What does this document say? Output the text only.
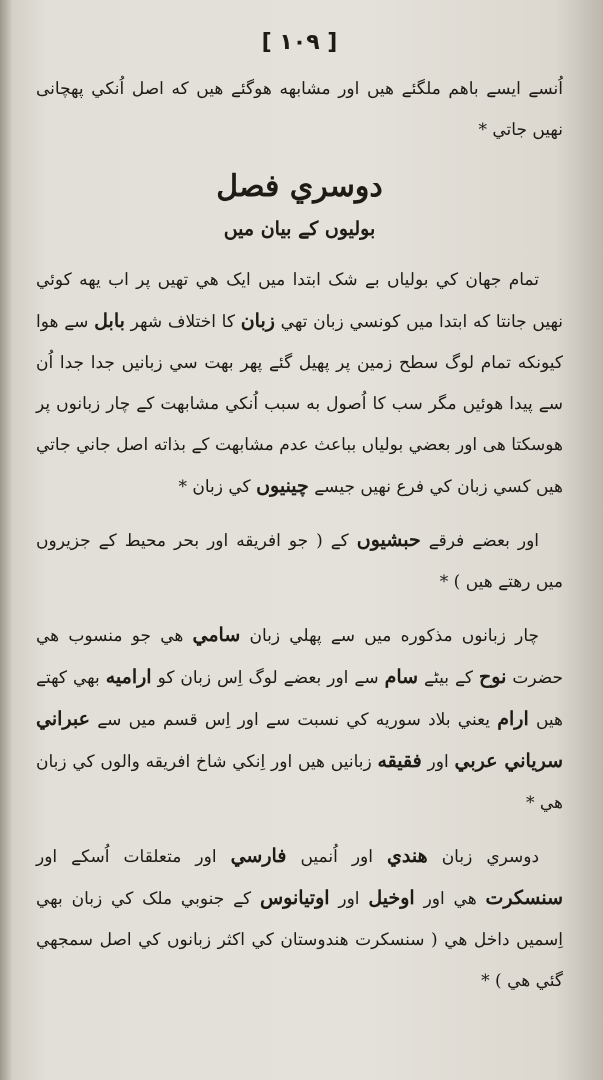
[ ١٠٩ ]

اُنسے ایسے باهم ملگئے هیں اور مشابهه هوگئے هیں که اصل اُنکي پهچانی نهیں جاتي *

دوسري فصل
بولیوں کے بیان میں

تمام جهان کي بولیاں بے شک ابتدا میں ایک هي تهیں پر اب یهه کوئي نهیں جانتا که ابتدا میں کونسي زبان تهي زبان کا اختلاف شهر بابل سے هوا کیونکه تمام لوگ سطح زمین پر پهیل گئے پهر بهت سي زبانیں جدا جدا اُن سے پیدا هوئیں مگر سب کا اُصول به سبب اُنکي مشابهت کے چار زبانوں پر هوسکتا هی اور بعضي بولیاں بباعث عدم مشابهت کے بذاته اصل جاني جاتي هیں کسي زبان کي فرع نهیں جیسے چینیوں کي زبان *

اور بعضے فرقے حبشیوں کے ( جو افریقه اور بحر محیط کے جزیروں میں رهتے هیں ) *

چار زبانوں مذکوره میں سے پهلي زبان سامي هي جو منسوب هي حضرت نوح کے بیٹے سام سے اور بعضے لوگ اِس زبان کو ارامیه بهي کهتے هیں ارام یعني بلاد سوریه کي نسبت سے اور اِس قسم میں سے عبراني سرياني عربي اور فقیقه زبانیں هیں اور اِنکي شاخ افریقه والوں کي زبان هي *

دوسري زبان هندي اور اُنمیں فارسي اور متعلقات اُسکے اور سنسکرت هي اور اوخیل اور اوتیانوس کے جنوبي ملک کي زبان بهي اِسمیں داخل هي ( سنسکرت هندوستان کي اکثر زبانوں کي اصل سمجهي گئي هي ) *
